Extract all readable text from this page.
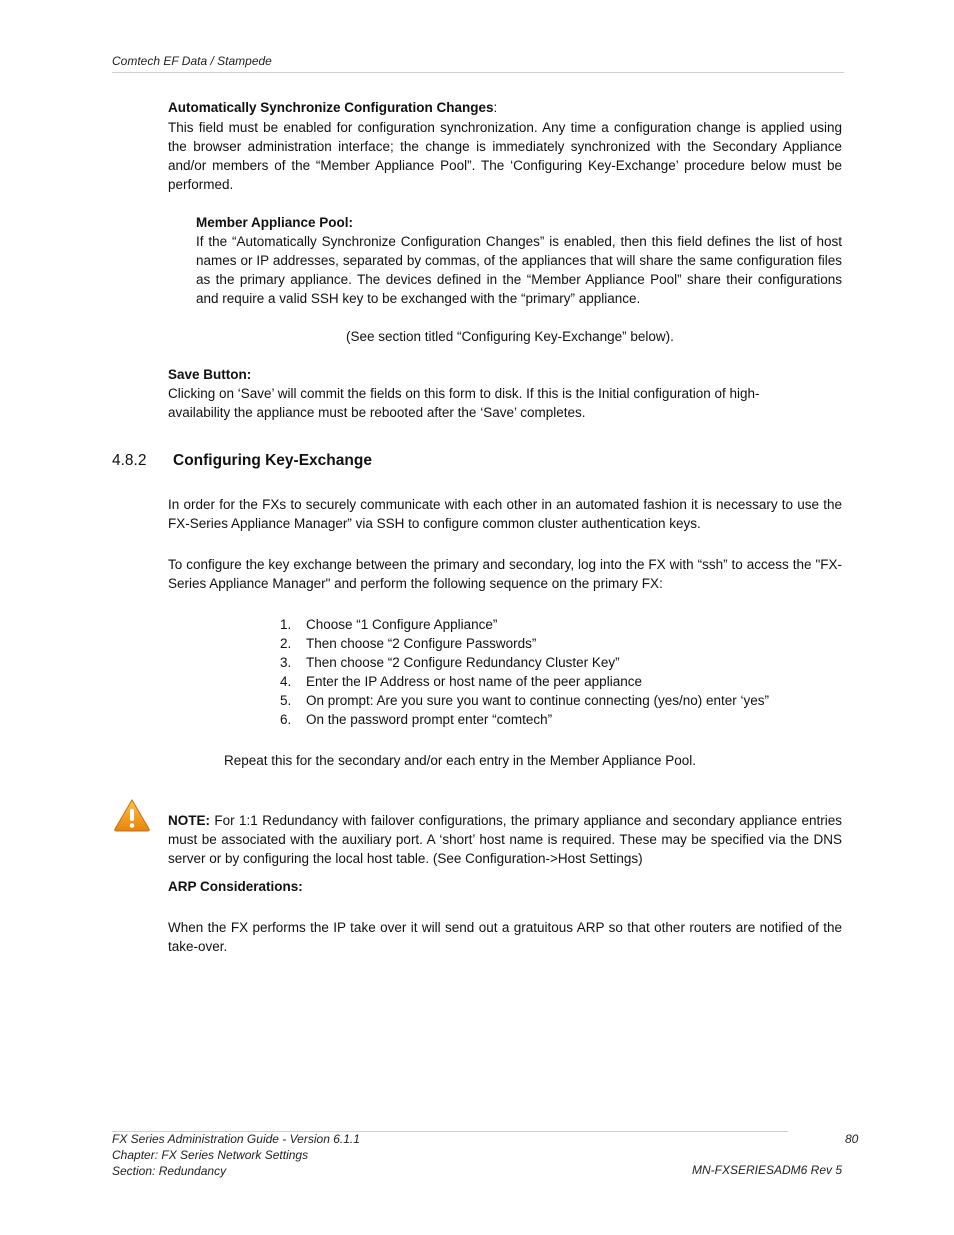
Comtech EF Data / Stampede
Automatically Synchronize Configuration Changes:
This field must be enabled for configuration synchronization. Any time a configuration change is applied using the browser administration interface; the change is immediately synchronized with the Secondary Appliance and/or members of the “Member Appliance Pool”. The ‘Configuring Key-Exchange’ procedure below must be performed.
Member Appliance Pool:
If the “Automatically Synchronize Configuration Changes” is enabled, then this field defines the list of host names or IP addresses, separated by commas, of the appliances that will share the same configuration files as the primary appliance. The devices defined in the “Member Appliance Pool” share their configurations and require a valid SSH key to be exchanged with the “primary” appliance.
(See section titled “Configuring Key-Exchange” below).
Save Button:
Clicking on ‘Save’ will commit the fields on this form to disk. If this is the Initial configuration of high-availability the appliance must be rebooted after the ‘Save’ completes.
4.8.2 Configuring Key-Exchange
In order for the FXs to securely communicate with each other in an automated fashion it is necessary to use the FX-Series Appliance Manager” via SSH to configure common cluster authentication keys.
To configure the key exchange between the primary and secondary, log into the FX with “ssh” to access the "FX-Series Appliance Manager" and perform the following sequence on the primary FX:
1. Choose “1 Configure Appliance”
2. Then choose “2 Configure Passwords”
3. Then choose “2 Configure Redundancy Cluster Key”
4. Enter the IP Address or host name of the peer appliance
5. On prompt: Are you sure you want to continue connecting (yes/no) enter ‘yes”
6. On the password prompt enter “comtech”
Repeat this for the secondary and/or each entry in the Member Appliance Pool.
NOTE: For 1:1 Redundancy with failover configurations, the primary appliance and secondary appliance entries must be associated with the auxiliary port. A ‘short’ host name is required. These may be specified via the DNS server or by configuring the local host table. (See Configuration->Host Settings)
ARP Considerations:
When the FX performs the IP take over it will send out a gratuitous ARP so that other routers are notified of the take-over.
FX Series Administration Guide - Version 6.1.1
Chapter: FX Series Network Settings
Section: Redundancy
80
MN-FXSERIESADM6 Rev 5
